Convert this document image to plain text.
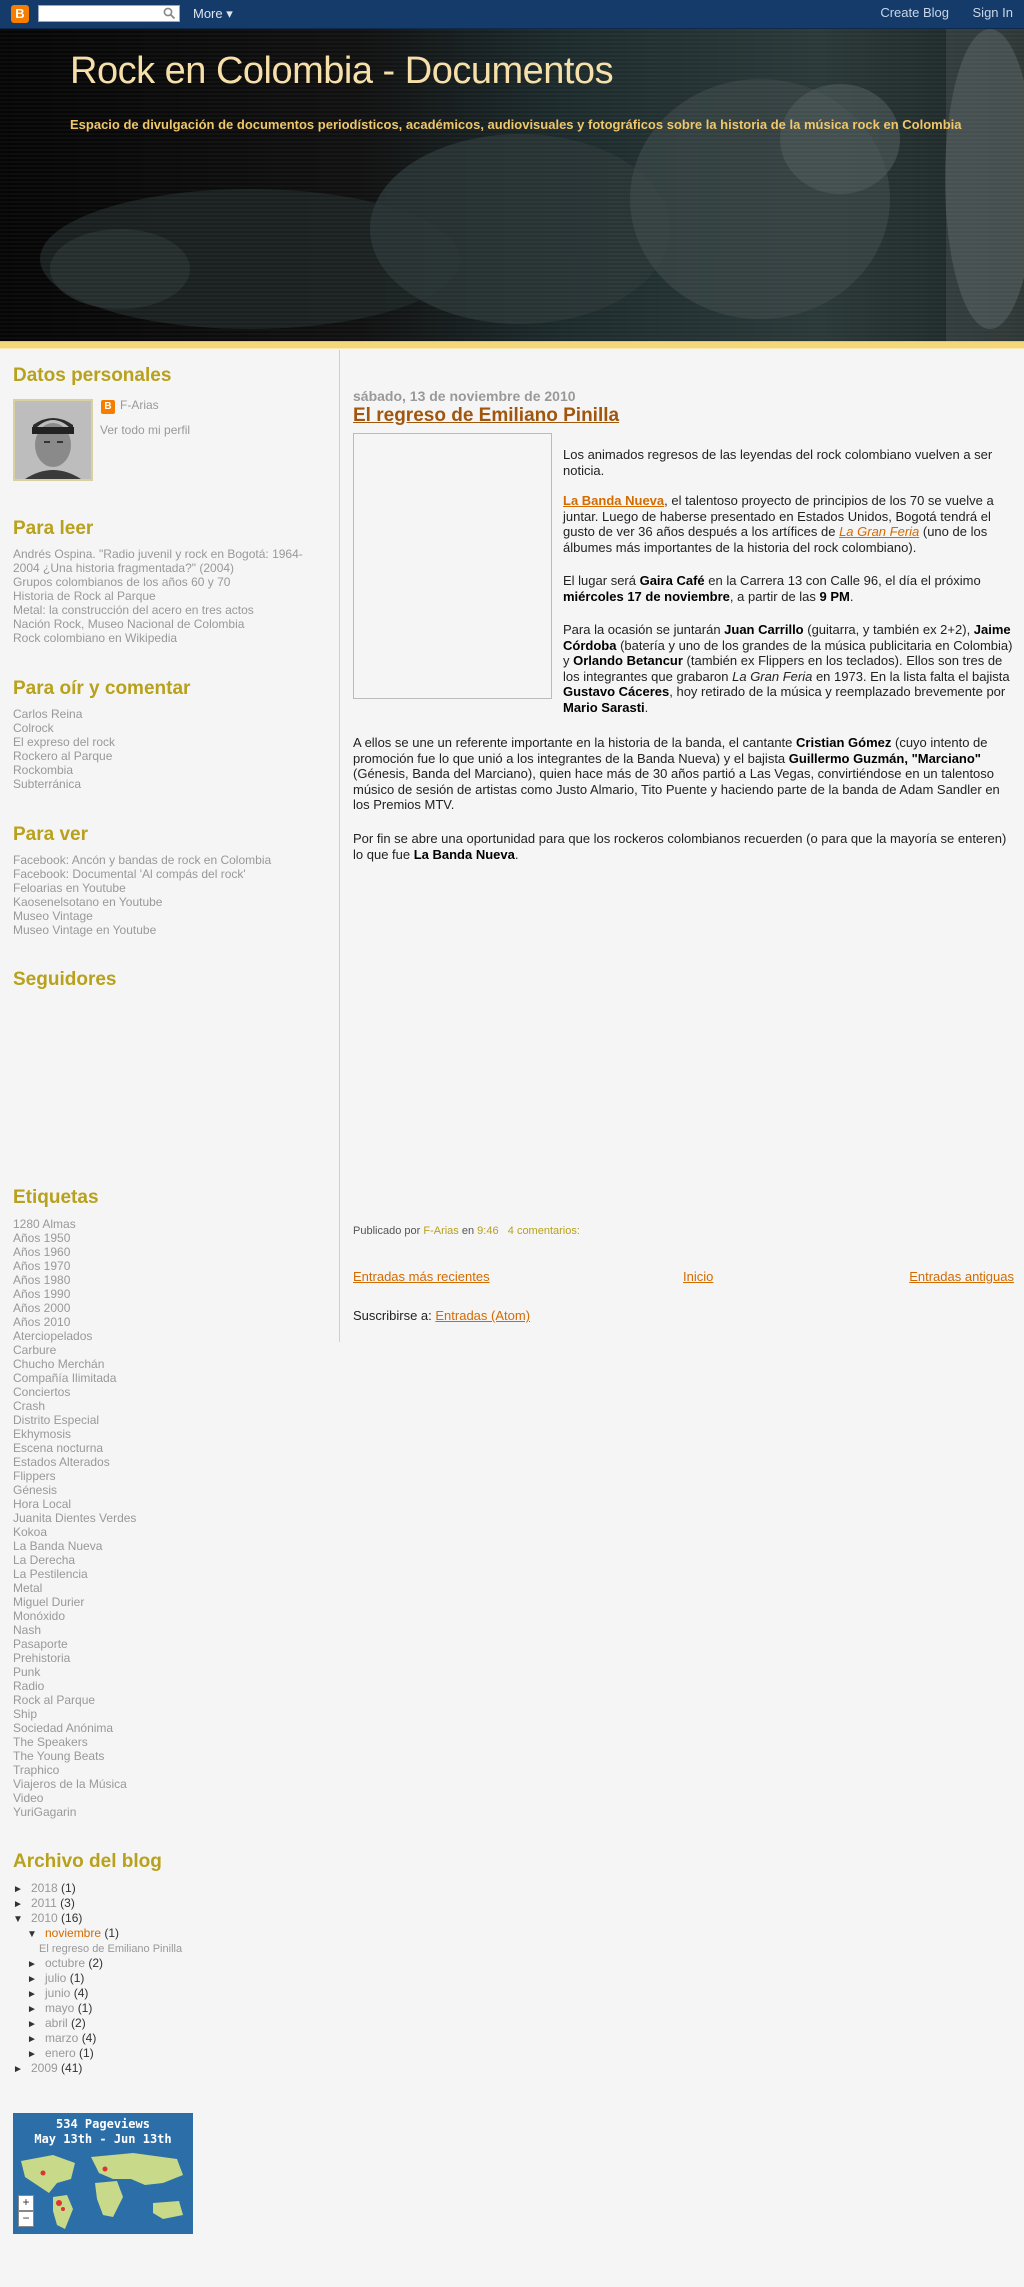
B	More ▾	Create Blog Sign In
Rock en Colombia - Documentos

Espacio de divulgación de documentos periodísticos, académicos, audiovisuales y fotográficos sobre la historia de la música rock en Colombia

Datos personales
B F-Arias
Ver todo mi perfil
Para leer
Andrés Ospina. "Radio juvenil y rock en Bogotá: 1964-
2004 ¿Una historia fragmentada?" (2004)
Grupos colombianos de los años 60 y 70
Historia de Rock al Parque
Metal: la construcción del acero en tres actos
Nación Rock, Museo Nacional de Colombia
Rock colombiano en Wikipedia
Para oír y comentar
Carlos Reina
Colrock
El expreso del rock
Rockero al Parque
Rockombia
Subterránica
Para ver
Facebook: Ancón y bandas de rock en Colombia
Facebook: Documental 'Al compás del rock'
Feloarias en Youtube
Kaosenelsotano en Youtube
Museo Vintage
Museo Vintage en Youtube
Seguidores
Etiquetas
1280 Almas
Años 1950
Años 1960
Años 1970
Años 1980
Años 1990
Años 2000
Años 2010
Aterciopelados
Carbure
Chucho Merchán
Compañía Ilimitada
Conciertos
Crash
Distrito Especial
Ekhymosis
Escena nocturna
Estados Alterados
Flippers
Génesis
Hora Local
Juanita Dientes Verdes
Kokoa
La Banda Nueva
La Derecha
La Pestilencia
Metal
Miguel Durier
Monóxido
Nash
Pasaporte
Prehistoria
Punk
Radio
Rock al Parque
Ship
Sociedad Anónima
The Speakers
The Young Beats
Traphico
Viajeros de la Música
Video
YuriGagarin
Archivo del blog
► 2018 (1)
► 2011 (3)
▼ 2010 (16)
▼ noviembre (1)
El regreso de Emiliano Pinilla
► octubre (2)
► julio (1)
► junio (4)
► mayo (1)
► abril (2)
► marzo (4)
► enero (1)
► 2009 (41)
534 Pageviews
May 13th - Jun 13th
+
−
sábado, 13 de noviembre de 2010
El regreso de Emiliano Pinilla
Los animados regresos de las leyendas del rock colombiano vuelven a ser noticia.
La Banda Nueva, el talentoso proyecto de principios de los 70 se vuelve a juntar. Luego de haberse presentado en Estados Unidos, Bogotá tendrá el gusto de ver 36 años después a los artífices de La Gran Feria (uno de los álbumes más importantes de la historia del rock colombiano).
El lugar será Gaira Café en la Carrera 13 con Calle 96, el día el próximo miércoles 17 de noviembre, a partir de las 9 PM.
Para la ocasión se juntarán Juan Carrillo (guitarra, y también ex 2+2), Jaime Córdoba (batería y uno de los grandes de la música publicitaria en Colombia) y Orlando Betancur (también ex Flippers en los teclados). Ellos son tres de los integrantes que grabaron La Gran Feria en 1973. En la lista falta el bajista Gustavo Cáceres, hoy retirado de la música y reemplazado brevemente por Mario Sarasti.
A ellos se une un referente importante en la historia de la banda, el cantante Cristian Gómez (cuyo intento de promoción fue lo que unió a los integrantes de la Banda Nueva) y el bajista Guillermo Guzmán, "Marciano" (Génesis, Banda del Marciano), quien hace más de 30 años partió a Las Vegas, convirtiéndose en un talentoso músico de sesión de artistas como Justo Almario, Tito Puente y haciendo parte de la banda de Adam Sandler en los Premios MTV.
Por fin se abre una oportunidad para que los rockeros colombianos recuerden (o para que la mayoría se enteren) lo que fue La Banda Nueva.
Publicado por F-Arias en 9:46 4 comentarios:
Entradas más recientes	Inicio	Entradas antiguas
Suscribirse a: Entradas (Atom)
